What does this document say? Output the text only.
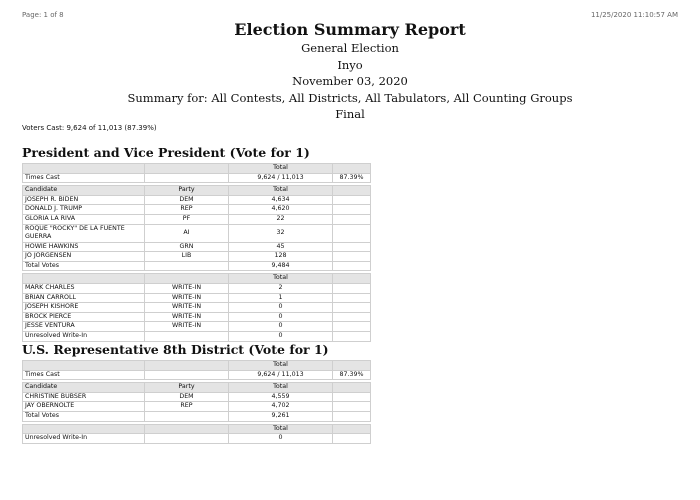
Page: 1 of 8	11/25/2020 11:10:57 AM
Election Summary Report
General Election
Inyo
November 03, 2020
Summary for: All Contests, All Districts, All Tabulators, All Counting Groups
Final
Voters Cast: 9,624 of 11,013 (87.39%)
President and Vice President (Vote for 1)
		Total	
Times Cast		9,624 / 11,013	87.39%

Candidate	Party	Total	
JOSEPH R. BIDEN	DEM	4,634	
DONALD J. TRUMP	REP	4,620	
GLORIA LA RIVA	PF	22	
ROQUE "ROCKY" DE LA FUENTE GUERRA	AI	32	
HOWIE HAWKINS	GRN	45	
JO JORGENSEN	LIB	128	
Total Votes		9,484	

		Total	
MARK CHARLES	WRITE-IN	2	
BRIAN CARROLL	WRITE-IN	1	
JOSEPH KISHORE	WRITE-IN	0	
BROCK PIERCE	WRITE-IN	0	
JESSE VENTURA	WRITE-IN	0	
Unresolved Write-In		0	
U.S. Representative 8th District (Vote for 1)
		Total	
Times Cast		9,624 / 11,013	87.39%

Candidate	Party	Total	
CHRISTINE BUBSER	DEM	4,559	
JAY OBERNOLTE	REP	4,702	
Total Votes		9,261	

		Total	
Unresolved Write-In		0	
